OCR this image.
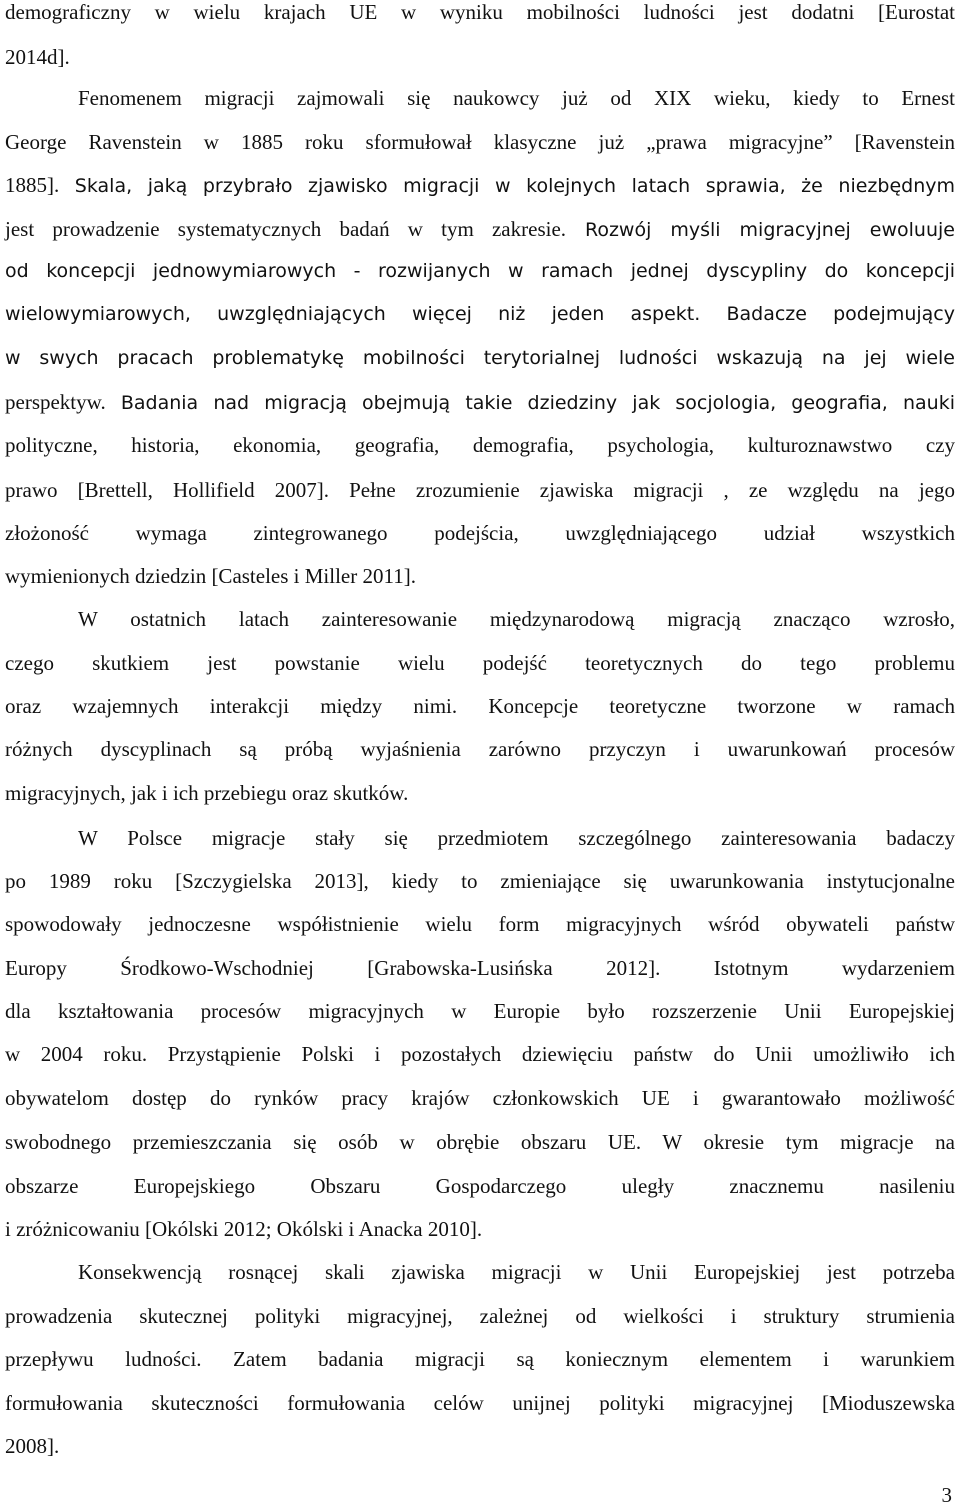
demograficzny w wielu krajach UE w wyniku mobilności ludności jest dodatni [Eurostat
2014d].
Fenomenem migracji zajmowali się naukowcy już od XIX wieku, kiedy to Ernest
George Ravenstein w 1885 roku sformułował klasyczne już „prawa migracyjne” [Ravenstein
1885]. Skala, jaką przybrało zjawisko migracji w kolejnych latach sprawia, że niezbędnym
jest prowadzenie systematycznych badań w tym zakresie. Rozwój myśli migracyjnej ewoluuje
od koncepcji jednowymiarowych - rozwijanych w ramach jednej dyscypliny do koncepcji
wielowymiarowych, uwzględniających więcej niż jeden aspekt. Badacze podejmujący
w swych pracach problematykę mobilności terytorialnej ludności wskazują na jej wiele
perspektyw. Badania nad migracją obejmują takie dziedziny jak socjologia, geografia, nauki
polityczne, historia, ekonomia, geografia, demografia, psychologia, kulturoznawstwo czy
prawo [Brettell, Hollifield 2007]. Pełne zrozumienie zjawiska migracji , ze względu na jego
złożoność wymaga zintegrowanego podejścia, uwzględniającego udział wszystkich
wymienionych dziedzin [Casteles i Miller 2011].
W ostatnich latach zainteresowanie międzynarodową migracją znacząco wzrosło,
czego skutkiem jest powstanie wielu podejść teoretycznych do tego problemu
oraz wzajemnych interakcji między nimi. Koncepcje teoretyczne tworzone w ramach
różnych dyscyplinach są próbą wyjaśnienia zarówno przyczyn i uwarunkowań procesów
migracyjnych, jak i ich przebiegu oraz skutków.
W Polsce migracje stały się przedmiotem szczególnego zainteresowania badaczy
po 1989 roku [Szczygielska 2013], kiedy to zmieniające się uwarunkowania instytucjonalne
spowodowały jednoczesne współistnienie wielu form migracyjnych wśród obywateli państw
Europy Środkowo-Wschodniej [Grabowska-Lusińska 2012]. Istotnym wydarzeniem
dla kształtowania procesów migracyjnych w Europie było rozszerzenie Unii Europejskiej
w 2004 roku. Przystąpienie Polski i pozostałych dziewięciu państw do Unii umożliwiło ich
obywatelom dostęp do rynków pracy krajów członkowskich UE i gwarantowało możliwość
swobodnego przemieszczania się osób w obrębie obszaru UE. W okresie tym migracje na
obszarze Europejskiego Obszaru Gospodarczego uległy znacznemu nasileniu
i zróżnicowaniu [Okólski 2012; Okólski i Anacka 2010].
Konsekwencją rosnącej skali zjawiska migracji w Unii Europejskiej jest potrzeba
prowadzenia skutecznej polityki migracyjnej, zależnej od wielkości i struktury strumienia
przepływu ludności. Zatem badania migracji są koniecznym elementem i warunkiem
formułowania skuteczności formułowania celów unijnej polityki migracyjnej [Mioduszewska
2008].
3
